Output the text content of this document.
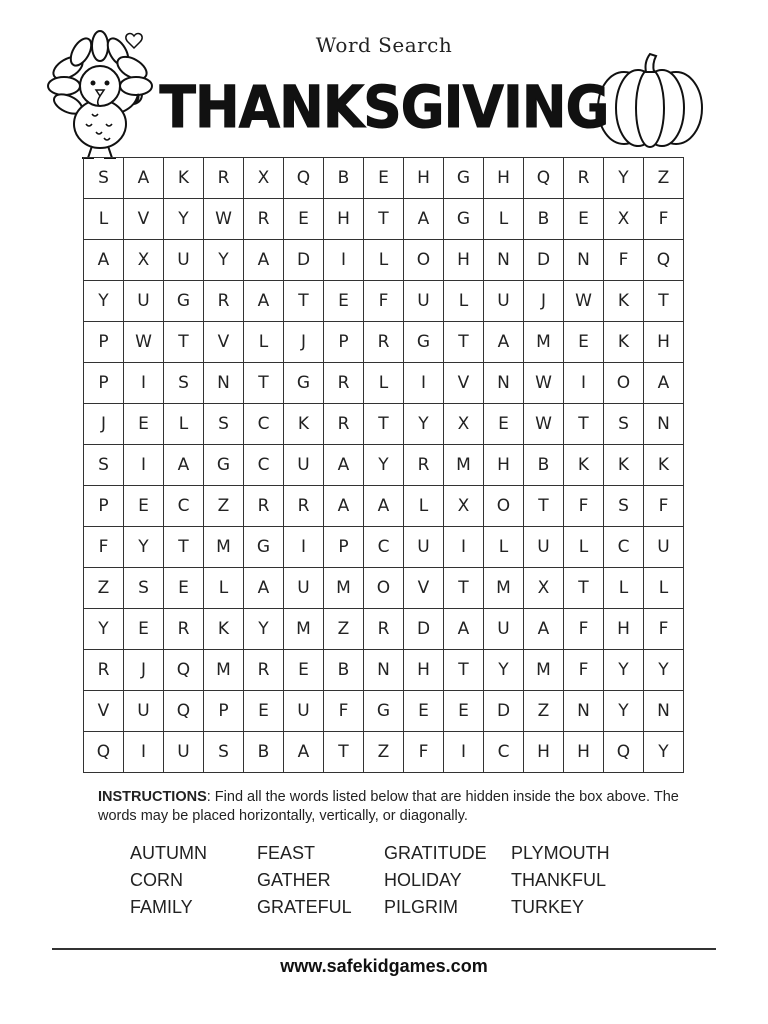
Word Search
THANKSGIVING
S	A	K	R	X	Q	B	E	H	G	H	Q	R	Y	Z
L	V	Y	W	R	E	H	T	A	G	L	B	E	X	F
A	X	U	Y	A	D	I	L	O	H	N	D	N	F	Q
Y	U	G	R	A	T	E	F	U	L	U	J	W	K	T
P	W	T	V	L	J	P	R	G	T	A	M	E	K	H
P	I	S	N	T	G	R	L	I	V	N	W	I	O	A
J	E	L	S	C	K	R	T	Y	X	E	W	T	S	N
S	I	A	G	C	U	A	Y	R	M	H	B	K	K	K
P	E	C	Z	R	R	A	A	L	X	O	T	F	S	F
F	Y	T	M	G	I	P	C	U	I	L	U	L	C	U
Z	S	E	L	A	U	M	O	V	T	M	X	T	L	L
Y	E	R	K	Y	M	Z	R	D	A	U	A	F	H	F
R	J	Q	M	R	E	B	N	H	T	Y	M	F	Y	Y
V	U	Q	P	E	U	F	G	E	E	D	Z	N	Y	N
Q	I	U	S	B	A	T	Z	F	I	C	H	H	Q	Y
INSTRUCTIONS: Find all the words listed below that are hidden inside the box above. The words may be placed horizontally, vertically, or diagonally.
AUTUMN	FEAST	GRATITUDE	PLYMOUTH
CORN	GATHER	HOLIDAY	THANKFUL
FAMILY	GRATEFUL	PILGRIM	TURKEY
www.safekidgames.com
